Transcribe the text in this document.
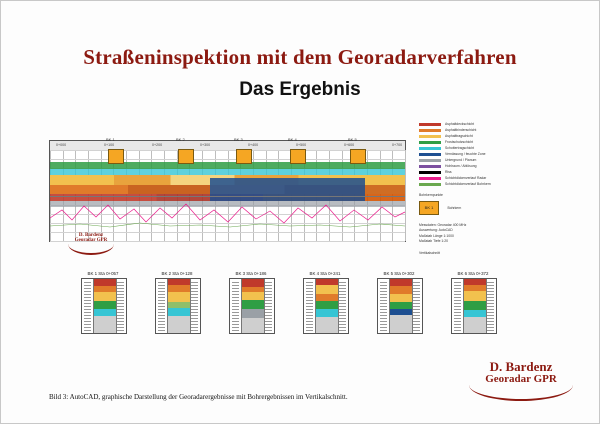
Straßeninspektion mit dem Georadarverfahren
Das Ergebnis
BK 1	BK 2	BK 3	BK 4	BK 5
D. Bardenz
Georadar GPR
0+000	0+100	0+200	0+300	0+400	0+500	0+600	0+700
Asphaltdeckschicht
Asphaltbinderschicht
Asphalttragschicht
Frostschutzschicht
Schottertragschicht
Vernässung / feuchte Zone
Untergrund / Planum
Hohlraum / Ablösung
Riss
Schichtdickenverlauf Radar
Schichtdickenverlauf Bohrkern
Bohrkernpunkte
BK 1	Bohrkern
Messdaten: Georadar 400 MHz
Auswertung: AutoCAD
Maßstab Länge 1:1000
Maßstab Tiefe 1:20
Vertikalschnitt
BK 1 Sta 0+057	BK 2 Sta 0+128	BK 3 Sta 0+186	BK 4 Sta 0+241	BK 5 Sta 0+302	BK 6 Sta 0+372
Bild 3: AutoCAD, graphische Darstellung der Georadarergebnisse mit Bohrergebnissen im Vertikalschnitt.
D. Bardenz
Georadar GPR
